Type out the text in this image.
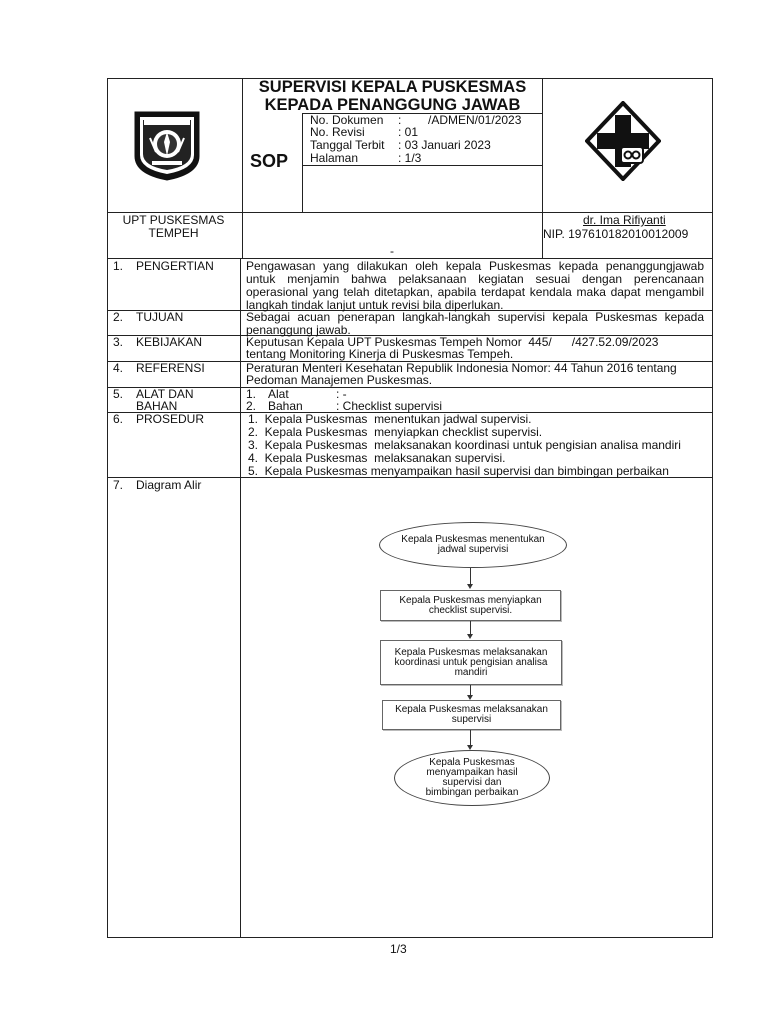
SUPERVISI KEPALA PUSKESMAS
KEPADA PENANGGUNG JAWAB
SOP
No. Dokumen :        /ADMEN/01/2023
No. Revisi	: 01
Tanggal Terbit : 03 Januari 2023
Halaman	: 1/3
UPT PUSKESMAS
TEMPEH
-
dr. Ima Rifiyanti
NIP. 197610182010012009
1. PENGERTIAN	Pengawasan yang dilakukan oleh kepala Puskesmas kepada penanggungjawab untuk menjamin bahwa pelaksanaan kegiatan sesuai dengan perencanaan operasional yang telah ditetapkan, apabila terdapat kendala maka dapat mengambil langkah tindak lanjut untuk revisi bila diperlukan.
2. TUJUAN	Sebagai acuan penerapan langkah-langkah supervisi kepala Puskesmas kepada penanggung jawab.
3. KEBIJAKAN	Keputusan Kepala UPT Puskesmas Tempeh Nomor  445/      /427.52.09/2023
tentang Monitoring Kinerja di Puskesmas Tempeh.
4. REFERENSI	Peraturan Menteri Kesehatan Republik Indonesia Nomor: 44 Tahun 2016 tentang
Pedoman Manajemen Puskesmas.
5. ALAT DAN
BAHAN
1. Alat	: -
2. Bahan	: Checklist supervisi
6. PROSEDUR	1.  Kepala Puskesmas  menentukan jadwal supervisi.
2.  Kepala Puskesmas  menyiapkan checklist supervisi.
3.  Kepala Puskesmas  melaksanakan koordinasi untuk pengisian analisa mandiri
4.  Kepala Puskesmas  melaksanakan supervisi.
5.  Kepala Puskesmas menyampaikan hasil supervisi dan bimbingan perbaikan
7. Diagram Alir
Kepala Puskesmas menentukan jadwal supervisi
Kepala Puskesmas menyiapkan checklist supervisi.
Kepala Puskesmas melaksanakan koordinasi untuk pengisian analisa mandiri
Kepala Puskesmas melaksanakan supervisi
Kepala Puskesmas menyampaikan hasil supervisi dan bimbingan perbaikan
1/3
